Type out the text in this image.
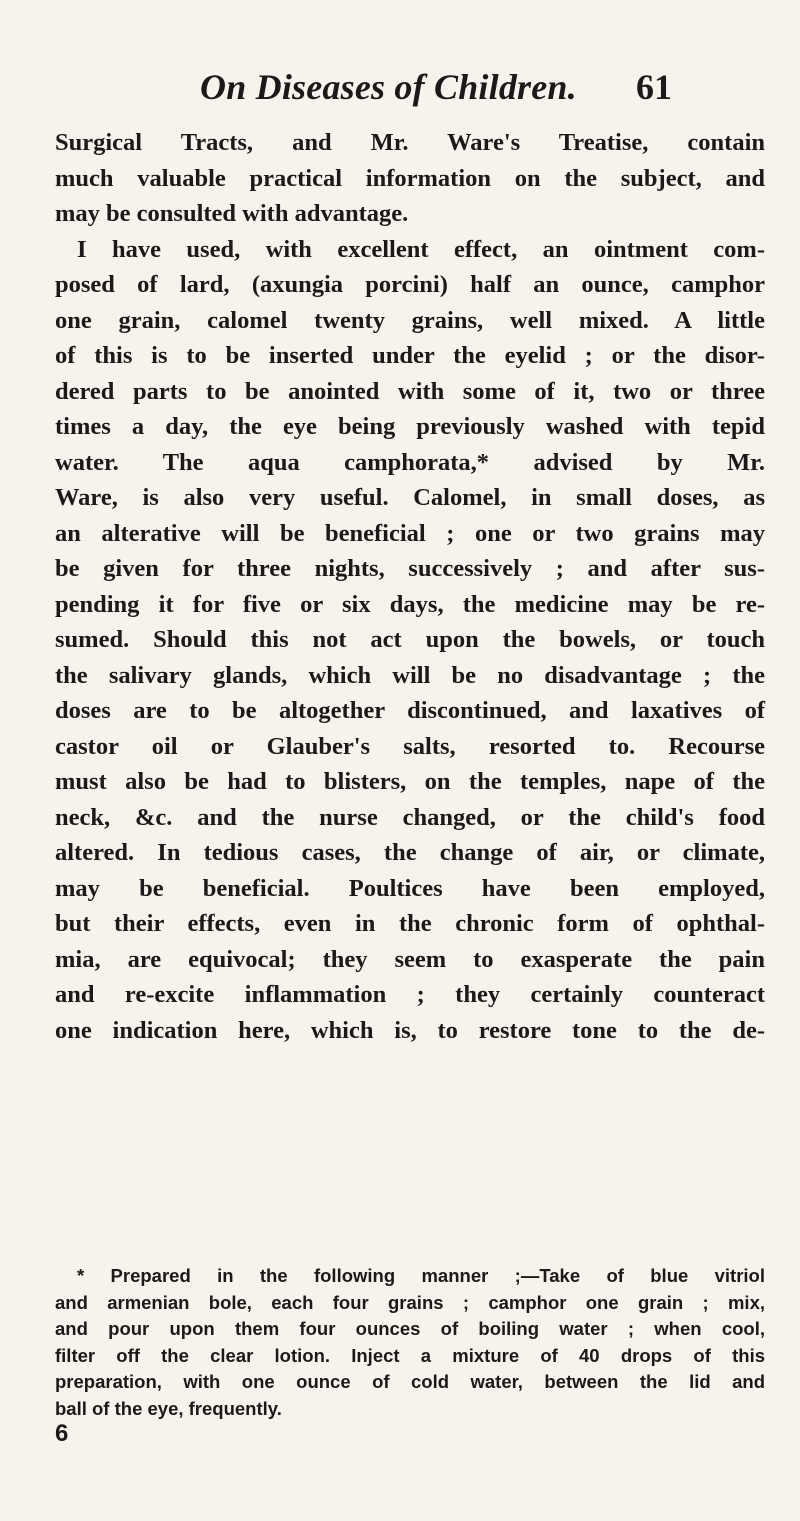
On Diseases of Children. 61
Surgical Tracts, and Mr. Ware's Treatise, contain
much valuable practical information on the subject, and
may be consulted with advantage.
I have used, with excellent effect, an ointment com-
posed of lard, (axungia porcini) half an ounce, camphor
one grain, calomel twenty grains, well mixed. A little
of this is to be inserted under the eyelid ; or the disor-
dered parts to be anointed with some of it, two or three
times a day, the eye being previously washed with tepid
water. The aqua camphorata,* advised by Mr.
Ware, is also very useful. Calomel, in small doses, as
an alterative will be beneficial ; one or two grains may
be given for three nights, successively ; and after sus-
pending it for five or six days, the medicine may be re-
sumed. Should this not act upon the bowels, or touch
the salivary glands, which will be no disadvantage ; the
doses are to be altogether discontinued, and laxatives of
castor oil or Glauber's salts, resorted to. Recourse
must also be had to blisters, on the temples, nape of the
neck, &c. and the nurse changed, or the child's food
altered. In tedious cases, the change of air, or climate,
may be beneficial. Poultices have been employed,
but their effects, even in the chronic form of ophthal-
mia, are equivocal; they seem to exasperate the pain
and re-excite inflammation ; they certainly counteract
one indication here, which is, to restore tone to the de-
* Prepared in the following manner ;—Take of blue vitriol
and armenian bole, each four grains ; camphor one grain ; mix,
and pour upon them four ounces of boiling water ; when cool,
filter off the clear lotion. Inject a mixture of 40 drops of this
preparation, with one ounce of cold water, between the lid and
ball of the eye, frequently.
6
